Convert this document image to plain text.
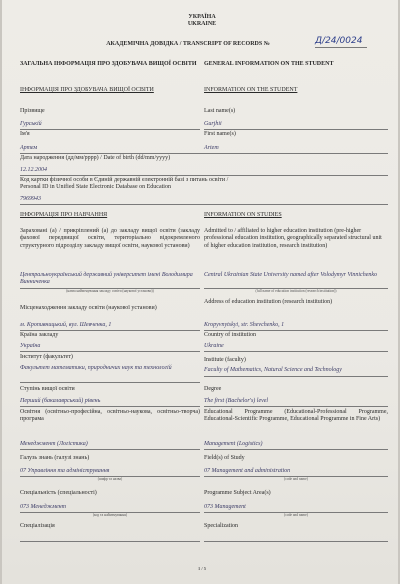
УКРАЇНА
UKRAINE
АКАДЕМІЧНА ДОВІДКА / TRANSCRIPT OF RECORDS №	Д/24/0024
ЗАГАЛЬНА ІНФОРМАЦІЯ ПРО ЗДОБУВАЧА ВИЩОЇ ОСВІТИ	GENERAL INFORMATION ON THE STUDENT
ІНФОРМАЦІЯ ПРО ЗДОБУВАЧА ВИЩОЇ ОСВІТИ	INFORMATION ON THE STUDENT
Прізвище	Last name(s)
Гурській	Gurjhii
Ім'я	First name(s)
Артем	Artem
Дата народження (дд/мм/рррр) / Date of birth (dd/mm/yyyy)
12.12.2004
Код картки фізичної особи в Єдиній державній електронній базі з питань освіти /
Personal ID in Unified State Electronic Database on Education
7969943
ІНФОРМАЦІЯ ПРО НАВЧАННЯ	INFORMATION ON STUDIES
Зараховані (а) / прикріплений (а) до закладу вищої освіти (закладу фахової передвищої освіти, територіально відокремленого структурного підрозділу закладу вищої освіти, наукової установи)
Admitted to / affiliated to higher education institution (pre-higher professional education institution, geographically separated structural unit of higher education institution, research institution)
Центральноукраїнський державний університет імені Володимира Винниченка
Central Ukrainian State University named after Volodymyr Vinnichenko
(назва найменування закладу освіти (наукової установи))	(full name of education institution (research institution))
Місценаходження закладу освіти (наукової установи)
Address of education institution (research institution)
м. Кропивницький, вул. Шевченка, 1	Kropyvnytskyi, str. Shevchenko, 1
Країна закладу	Country of institution
Україна	Ukraine
Інститут (факультет)	Institute (faculty)
Факультет математики, природничих наук та технологій	Faculty of Mathematics, Natural Science and Technology
Ступінь вищої освіти	Degree
Перший (бакалаврський) рівень	The first (Bachelor's) level
Освітня (освітньо-професійна, освітньо-наукова, освітньо-творча) програма
Educational Programme (Educational-Professional Programme, Educational-Scientific Programme, Educational Programme in Fine Arts)
Менеджмент (Логістика)	Management (Logistics)
Галузь знань (галузі знань)	Field(s) of Study
07 Управління та адміністрування	07 Management and administration
(шифр та назва)	(code and name)
Спеціальність (спеціальності)	Programme Subject Area(s)
073 Менеджмент	073 Management
(код та найменування)	(code and name)
Спеціалізація	Specialization
1 / 5
